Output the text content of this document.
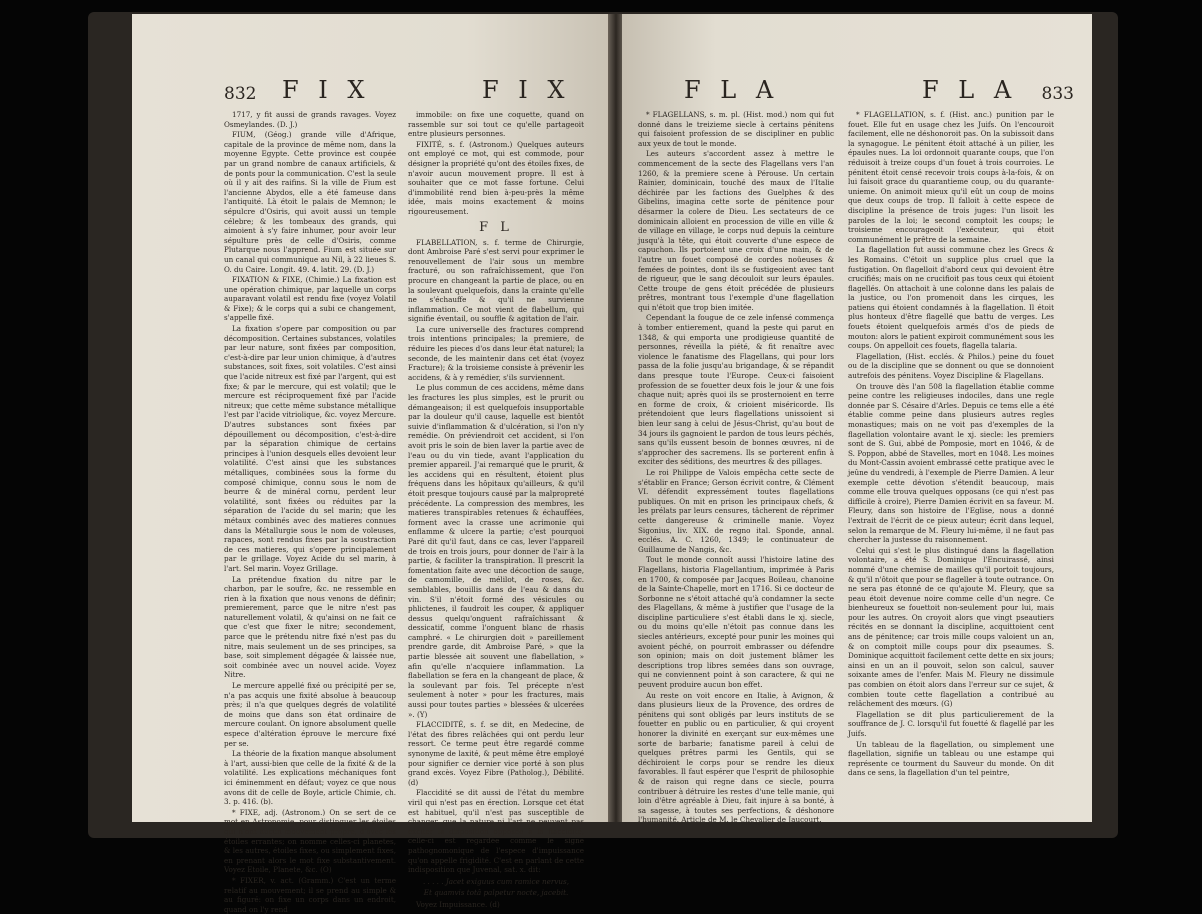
832 F I X	F I X

1717, y fit aussi de grands ravages. Voyez Osmeylandes. (D. J.)

FIUM, (Géog.) grande ville d'Afrique, capitale de la province de même nom, dans la moyenne Egypte. Cette province est coupée par un grand nombre de canaux artificiels, & de ponts pour la communication. C'est la seule où il y ait des raifins. Si la ville de Fium est l'ancienne Abydos, elle a été fameuse dans l'antiquité. Là étoit le palais de Memnon; le sépulcre d'Osiris, qui avoit aussi un temple célebre; & les tombeaux des grands, qui aimoient à s'y faire inhumer, pour avoir leur sépulture près de celle d'Osiris, comme Plutarque nous l'apprend. Fium est située sur un canal qui communique au Nil, à 22 lieues S. O. du Caire. Longit. 49. 4. latit. 29. (D. J.)

FIXATION & FIXE, (Chimie.) La fixation est une opération chimique, par laquelle un corps auparavant volatil est rendu fixe (voyez Volatil & Fixe); & le corps qui a subi ce changement, s'appelle fixé.

La fixation s'opere par composition ou par décomposition. Certaines substances, volatiles par leur nature, sont fixées par composition, c'est-à-dire par leur union chimique, à d'autres substances, soit fixes, soit volatiles. C'est ainsi que l'acide nitreux est fixé par l'argent, qui est fixe; & par le mercure, qui est volatil; que le mercure est réciproquement fixé par l'acide nitreux; que cette même substance métallique l'est par l'acide vitriolique, &c. voyez Mercure. D'autres substances sont fixées par dépouillement ou décomposition, c'est-à-dire par la séparation chimique de certains principes à l'union desquels elles devoient leur volatilité. C'est ainsi que les substances métalliques, combinées sous la forme du composé chimique, connu sous le nom de beurre & de minéral cornu, perdent leur volatilité, sont fixées ou réduites par la séparation de l'acide du sel marin; que les métaux combinés avec des matieres connues dans la Métallurgie sous le nom de voleuses, rapaces, sont rendus fixes par la soustraction de ces matieres, qui s'opere principalement par le grillage. Voyez Acide du sel marin, à l'art. Sel marin. Voyez Grillage.

La prétendue fixation du nitre par le charbon, par le soufre, &c. ne ressemble en rien à la fixation que nous venons de définir; premierement, parce que le nitre n'est pas naturellement volatil, & qu'ainsi on ne fait ce que c'est que fixer le nitre; secondement, parce que le prétendu nitre fixé n'est pas du nitre, mais seulement un de ses principes, sa base, soit simplement dégagée & laissée nue, soit combinée avec un nouvel acide. Voyez Nitre.

Le mercure appellé fixé ou précipité per se, n'a pas acquis une fixité absolue à beaucoup près; il n'a que quelques degrés de volatilité de moins que dans son état ordinaire de mercure coulant. On ignore absolument quelle espece d'altération éprouve le mercure fixé per se.

La théorie de la fixation manque absolument à l'art, aussi-bien que celle de la fixité & de la volatilité. Les explications méchaniques font ici éminemment en défaut; voyez ce que nous avons dit de celle de Boyle, article Chimie, ch. 3. p. 416. (b).

* FIXE, adj. (Astronom.) On se sert de ce mot en Astronomie, pour distinguer les étoiles qui n'ont aucun mouvement propre, d'avec les étoiles errantes; on nomme celles-ci planetes, & les autres, étoiles fixes, ou simplement fixes, en prenant alors le mot fixe substantivement. Voyez Etoile, Planete, &c. (O)

* FIXER, v. act. (Gramm.) C'est un terme relatif au mouvement; il se prend au simple & au figuré: on fixe un corps dans un endroit, quand on l'y rend

immobile: on fixe une coquette, quand on rassemble sur soi tout ce qu'elle partageoit entre plusieurs personnes.

FIXITÉ, s. f. (Astronom.) Quelques auteurs ont employé ce mot, qui est commode, pour désigner la propriété qu'ont des étoiles fixes, de n'avoir aucun mouvement propre. Il est à souhaiter que ce mot fasse fortune. Celui d'immobilité rend bien à-peu-près la même idée, mais moins exactement & moins rigoureusement.

F L

FLABELLATION, s. f. terme de Chirurgie, dont Ambroise Paré s'est servi pour exprimer le renouvellement de l'air sous un membre fracturé, ou son rafraîchissement, que l'on procure en changeant la partie de place, ou en la soulevant quelquefois, dans la crainte qu'elle ne s'échauffe & qu'il ne survienne inflammation. Ce mot vient de flabellum, qui signifie éventail, ou souffle & agitation de l'air.

La cure universelle des fractures comprend trois intentions principales; la premiere, de réduire les pieces d'os dans leur état naturel; la seconde, de les maintenir dans cet état (voyez Fracture); & la troisieme consiste à prévenir les accidens, & à y remédier, s'ils surviennent.

Le plus commun de ces accidens, même dans les fractures les plus simples, est le prurit ou démangeaison; il est quelquefois insupportable par la douleur qu'il cause, laquelle est bientôt suivie d'inflammation & d'ulcération, si l'on n'y remédie. On préviendroit cet accident, si l'on avoit pris le soin de bien laver la partie avec de l'eau ou du vin tiede, avant l'application du premier appareil. J'ai remarqué que le prurit, & les accidens qui en résultent, étoient plus fréquens dans les hôpitaux qu'ailleurs, & qu'il étoit presque toujours causé par la malpropreté précédente. La compression des membres, les matieres transpirables retenues & échauffées, forment avec la crasse une acrimonie qui enflamme & ulcere la partie; c'est pourquoi Paré dit qu'il faut, dans ce cas, lever l'appareil de trois en trois jours, pour donner de l'air à la partie, & faciliter la transpiration. Il prescrit la fomentation faite avec une décoction de sauge, de camomille, de mélilot, de roses, &c. semblables, bouillis dans de l'eau & dans du vin. S'il n'étoit formé des vésicules ou phlictenes, il faudroit les couper, & appliquer dessus quelqu'onguent rafraîchissant & dessicatif, comme l'onguent blanc de rhasis camphré. « Le chirurgien doit » pareillement prendre garde, dit Ambroise Paré, » que la partie blessée ait souvent une flabellation, » afin qu'elle n'acquiere inflammation. La flabellation se fera en la changeant de place, & la soulevant par fois. Tel précepte n'est seulement à noter » pour les fractures, mais aussi pour toutes parties » blessées & ulcerées ». (Y)

FLACCIDITÉ, s. f. se dit, en Medecine, de l'état des fibres relâchées qui ont perdu leur ressort. Ce terme peut être regardé comme synonyme de laxité, & peut même être employé pour signifier ce dernier vice porté à son plus grand excès. Voyez Fibre (Patholog.), Débilité. (d)

Flaccidité se dit aussi de l'état du membre viril qui n'est pas en érection. Lorsque cet état est habituel, qu'il n'est pas susceptible de changer, que la nature ni l'art ne peuvent pas exciter la disposition opposée à la flaccidité, celle-ci est regardée comme le signe pathognomonique de l'espece d'impuissance qu'on appelle frigidité. C'est en parlant de cette indisposition que Juvenal, sat. x. dit:

. . . . . Jacet exiguus cum ramice nervus,
Et quamvis totâ palpetur nocte, jacebit.

Voyez Impuissance. (d)

F L A	F L A 833

* FLAGELLANS, s. m. pl. (Hist. mod.) nom qui fut donné dans le treizieme siecle à certains pénitens qui faisoient profession de se discipliner en public aux yeux de tout le monde.

Les auteurs s'accordent assez à mettre le commencement de la secte des Flagellans vers l'an 1260, & la premiere scene à Pérouse. Un certain Rainier, dominicain, touché des maux de l'Italie déchirée par les factions des Guelphes & des Gibelins, imagina cette sorte de pénitence pour désarmer la colere de Dieu. Les sectateurs de ce dominicain alloient en procession de ville en ville & de village en village, le corps nud depuis la ceinture jusqu'à la tête, qui étoit couverte d'une espece de capuchon. Ils portoient une croix d'une main, & de l'autre un fouet composé de cordes noüeuses & femées de pointes, dont ils se fustigeoient avec tant de rigueur, que le sang découloit sur leurs épaules. Cette troupe de gens étoit précédée de plusieurs prêtres, montrant tous l'exemple d'une flagellation qui n'étoit que trop bien imitée.

Cependant la fougue de ce zele infensé commença à tomber entierement, quand la peste qui parut en 1348, & qui emporta une prodigieuse quantité de personnes, réveilla la piété, & fit renaître avec violence le fanatisme des Flagellans, qui pour lors passa de la folie jusqu'au brigandage, & se répandit dans presque toute l'Europe. Ceux-ci faisoient profession de se fouetter deux fois le jour & une fois chaque nuit; après quoi ils se prosternoient en terre en forme de croix, & crioient miséricorde. Ils prétendoient que leurs flagellations unissoient si bien leur sang à celui de Jésus-Christ, qu'au bout de 34 jours ils gagnoient le pardon de tous leurs péchés, sans qu'ils eussent besoin de bonnes œuvres, ni de s'approcher des sacremens. Ils se porterent enfin à exciter des séditions, des meurtres & des pillages.

Le roi Philippe de Valois empêcha cette secte de s'établir en France; Gerson écrivit contre, & Clément VI. défendit expressément toutes flagellations publiques. On mit en prison les principaux chefs, & les prélats par leurs censures, tâcherent de réprimer cette dangereuse & criminelle manie. Voyez Sigonius, liv. XIX. de regno ital. Sponde, annal. ecclés. A. C. 1260, 1349; le continuateur de Guillaume de Nangis, &c.

Tout le monde connoît aussi l'histoire latine des Flagellans, historia Flagellantium, imprimée à Paris en 1700, & composée par Jacques Boileau, chanoine de la Sainte-Chapelle, mort en 1716. Si ce docteur de Sorbonne ne s'étoit attaché qu'à condamner la secte des Flagellans, & même à justifier que l'usage de la discipline particuliere s'est établi dans le xj. siecle, ou du moins qu'elle n'étoit pas connue dans les siecles antérieurs, excepté pour punir les moines qui avoient péché, on pourroit embrasser ou défendre son opinion; mais on doit justement blâmer les descriptions trop libres semées dans son ouvrage, qui ne conviennent point à son caractere, & qui ne peuvent produire aucun bon effet.

Au reste on voit encore en Italie, à Avignon, & dans plusieurs lieux de la Provence, des ordres de pénitens qui sont obligés par leurs instituts de se fouetter en public ou en particulier, & qui croyent honorer la divinité en exerçant sur eux-mêmes une sorte de barbarie; fanatisme pareil à celui de quelques prêtres parmi les Gentils, qui se déchiroient le corps pour se rendre les dieux favorables. Il faut espérer que l'esprit de philosophie & de raison qui regne dans ce siecle, pourra contribuer à détruire les restes d'une telle manie, qui loin d'être agréable à Dieu, fait injure à sa bonté, à sa sagesse, à toutes ses perfections, & déshonore l'humanité. Article de M. le Chevalier de Jaucourt.

* FLAGELLATION, s. f. (Hist. anc.) punition par le fouet. Elle fut en usage chez les Juifs. On l'encouroit facilement, elle ne déshonoroit pas. On la subissoit dans la synagogue. Le pénitent étoit attaché à un pilier, les épaules nues. La loi ordonnoit quarante coups, que l'on réduisoit à treize coups d'un fouet à trois courroies. Le pénitent étoit censé recevoir trois coups à-la-fois, & on lui faisoit grace du quarantieme coup, ou du quarante-unieme. On animoit mieux qu'il eût un coup de moins que deux coups de trop. Il falloit à cette espece de discipline la présence de trois juges: l'un lisoit les paroles de la loi; le second comptoit les coups; le troisieme encourageoit l'exécuteur, qui étoit communément le prêtre de la semaine.

La flagellation fut aussi commune chez les Grecs & les Romains. C'étoit un supplice plus cruel que la fustigation. On flagelloit d'abord ceux qui devoient être crucifiés; mais on ne crucifioit pas tous ceux qui étoient flagellés. On attachoit à une colonne dans les palais de la justice, ou l'on promenoit dans les cirques, les patiens qui étoient condamnés à la flagellation. Il étoit plus honteux d'être flagellé que battu de verges. Les fouets étoient quelquefois armés d'os de pieds de mouton: alors le patient expiroit communément sous les coups. On appelloit ces fouets, flagella talaria.

Flagellation, (Hist. ecclés. & Philos.) peine du fouet ou de la discipline que se donnent ou que se donnoient autrefois des pénitens. Voyez Discipline & Flagellans.

On trouve dès l'an 508 la flagellation établie comme peine contre les religieuses indociles, dans une regle donnée par S. Césaire d'Arles. Depuis ce tems elle a été établie comme peine dans plusieurs autres regles monastiques; mais on ne voit pas d'exemples de la flagellation volontaire avant le xj. siecle: les premiers sont de S. Gui, abbé de Pomposie, mort en 1046, & de S. Poppon, abbé de Stavelles, mort en 1048. Les moines du Mont-Cassin avoient embrassé cette pratique avec le jeûne du vendredi, à l'exemple de Pierre Damien. A leur exemple cette dévotion s'étendit beaucoup, mais comme elle trouva quelques opposans (ce qui n'est pas difficile à croire), Pierre Damien écrivit en sa faveur. M. Fleury, dans son histoire de l'Eglise, nous a donné l'extrait de l'écrit de ce pieux auteur; écrit dans lequel, selon la remarque de M. Fleury lui-même, il ne faut pas chercher la justesse du raisonnement.

Celui qui s'est le plus distingué dans la flagellation volontaire, a été S. Dominique l'Encuirassé, ainsi nommé d'une chemise de mailles qu'il portoit toujours, & qu'il n'ôtoit que pour se flageller à toute outrance. On ne sera pas étonné de ce qu'ajoute M. Fleury, que sa peau étoit devenue noire comme celle d'un negre. Ce bienheureux se fouettoit non-seulement pour lui, mais pour les autres. On croyoit alors que vingt pseautiers récités en se donnant la discipline, acquittoient cent ans de pénitence; car trois mille coups valoient un an, & on comptoit mille coups pour dix pseaumes. S. Dominique acquittoit facilement cette dette en six jours; ainsi en un an il pouvoit, selon son calcul, sauver soixante ames de l'enfer. Mais M. Fleury ne dissimule pas combien on étoit alors dans l'erreur sur ce sujet, & combien toute cette flagellation a contribué au relâchement des mœurs. (G)

Flagellation se dit plus particulierement de la souffrance de J. C. lorsqu'il fut fouetté & flagellé par les Juifs.

Un tableau de la flagellation, ou simplement une flagellation, signifie un tableau ou une estampe qui représente ce tourment du Sauveur du monde. On dit dans ce sens, la flagellation d'un tel peintre,
